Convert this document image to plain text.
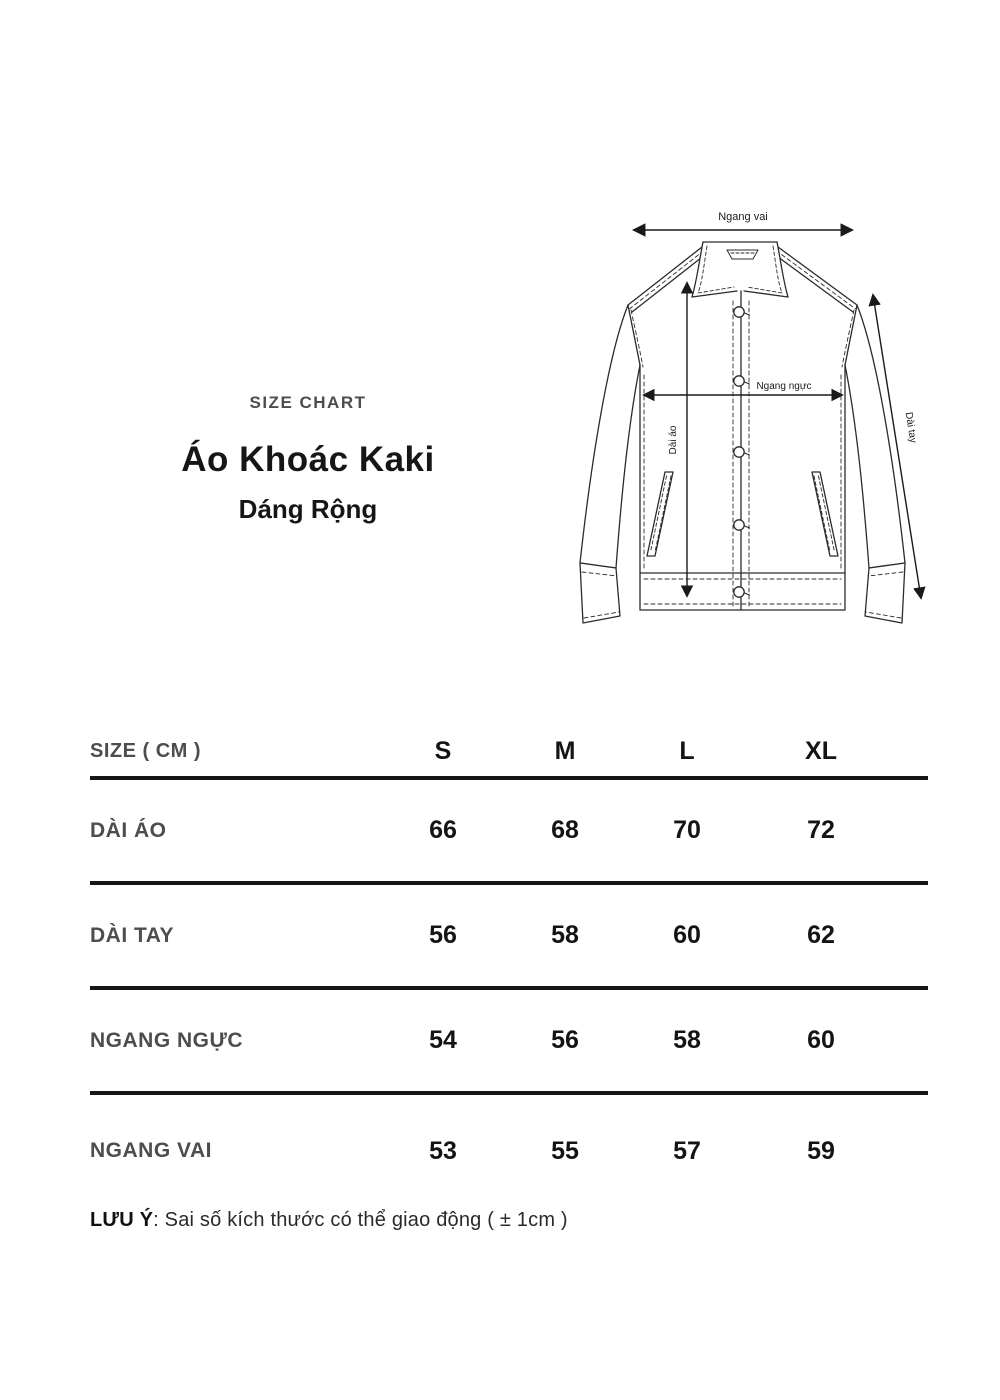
SIZE CHART
Áo Khoác Kaki
Dáng Rộng
Ngang vai
Dài áo
Ngang ngực
Dài tay
SIZE ( CM )	S	M	L	XL
DÀI ÁO	66	68	70	72
DÀI TAY	56	58	60	62
NGANG NGỰC	54	56	58	60
NGANG VAI	53	55	57	59
LƯU Ý: Sai số kích thước có thể giao động ( ± 1cm )
